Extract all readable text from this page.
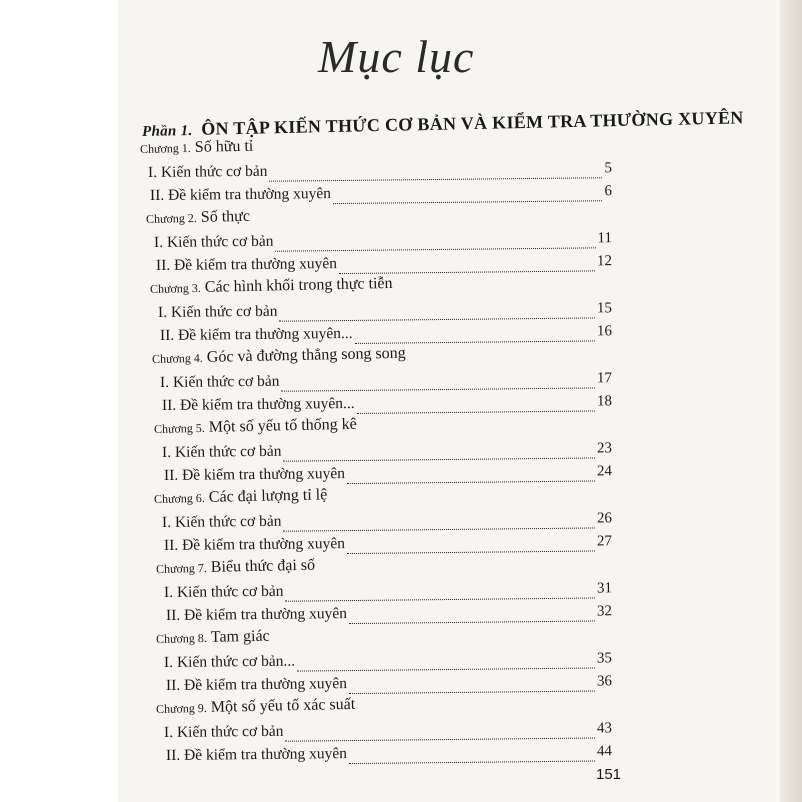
Mục lục
Phần 1. ÔN TẬP KIẾN THỨC CƠ BẢN VÀ KIỂM TRA THƯỜNG XUYÊN
Chương 1. Số hữu tỉ
I. Kiến thức cơ bản	5
II. Đề kiểm tra thường xuyên	6
Chương 2. Số thực
I. Kiến thức cơ bản	11
II. Đề kiểm tra thường xuyên	12
Chương 3. Các hình khối trong thực tiễn
I. Kiến thức cơ bản	15
II. Đề kiểm tra thường xuyên...	16
Chương 4. Góc và đường thẳng song song
I. Kiến thức cơ bản	17
II. Đề kiểm tra thường xuyên...	18
Chương 5. Một số yếu tố thống kê
I. Kiến thức cơ bản	23
II. Đề kiểm tra thường xuyên	24
Chương 6. Các đại lượng tỉ lệ
I. Kiến thức cơ bản	26
II. Đề kiểm tra thường xuyên	27
Chương 7. Biểu thức đại số
I. Kiến thức cơ bản	31
II. Đề kiểm tra thường xuyên	32
Chương 8. Tam giác
I. Kiến thức cơ bản...	35
II. Đề kiểm tra thường xuyên	36
Chương 9. Một số yếu tố xác suất
I. Kiến thức cơ bản	43
II. Đề kiểm tra thường xuyên	44
151
